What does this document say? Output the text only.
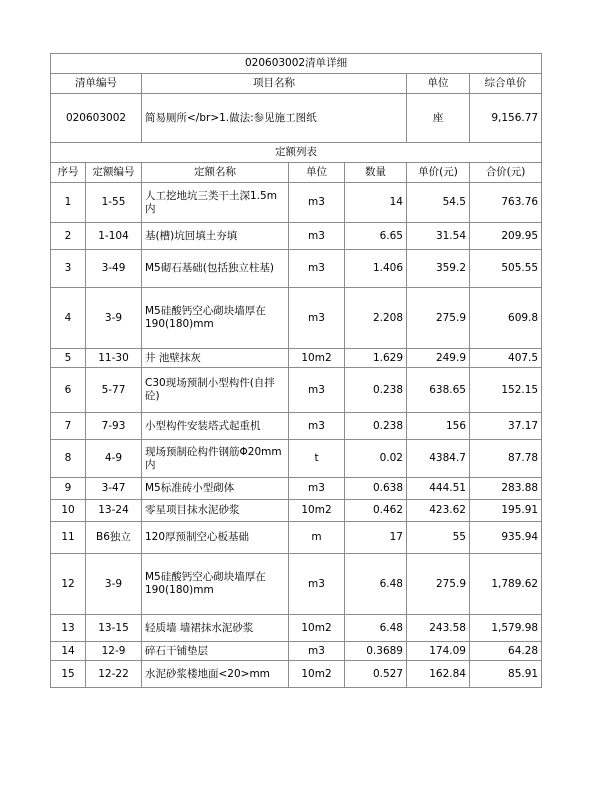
020603002清单详细						
清单编号		项目名称			单位	综合单价
020603002		简易厕所</br>1.做法:参见施工图纸			座	9,156.77
定额列表						
序号	定额编号	定额名称	单位	数量	单价(元)	合价(元)
1	1-55	人工挖地坑三类干土深1.5m内	m3	14	54.5	763.76
2	1-104	基(槽)坑回填土夯填	m3	6.65	31.54	209.95
3	3-49	M5砌石基础(包括独立柱基)	m3	1.406	359.2	505.55
4	3-9	M5硅酸钙空心砌块墙厚在190(180)mm	m3	2.208	275.9	609.8
5	11-30	井 池壁抹灰	10m2	1.629	249.9	407.5
6	5-77	C30现场预制小型构件(自拌砼)	m3	0.238	638.65	152.15
7	7-93	小型构件安装塔式起重机	m3	0.238	156	37.17
8	4-9	现场预制砼构件钢筋Φ20mm内	t	0.02	4384.7	87.78
9	3-47	M5标准砖小型砌体	m3	0.638	444.51	283.88
10	13-24	零星项目抹水泥砂浆	10m2	0.462	423.62	195.91
11	B6独立	120厚预制空心板基础	m	17	55	935.94
12	3-9	M5硅酸钙空心砌块墙厚在190(180)mm	m3	6.48	275.9	1,789.62
13	13-15	轻质墙 墙裙抹水泥砂浆	10m2	6.48	243.58	1,579.98
14	12-9	碎石干铺垫层	m3	0.3689	174.09	64.28
15	12-22	水泥砂浆楼地面<20>mm	10m2	0.527	162.84	85.91
